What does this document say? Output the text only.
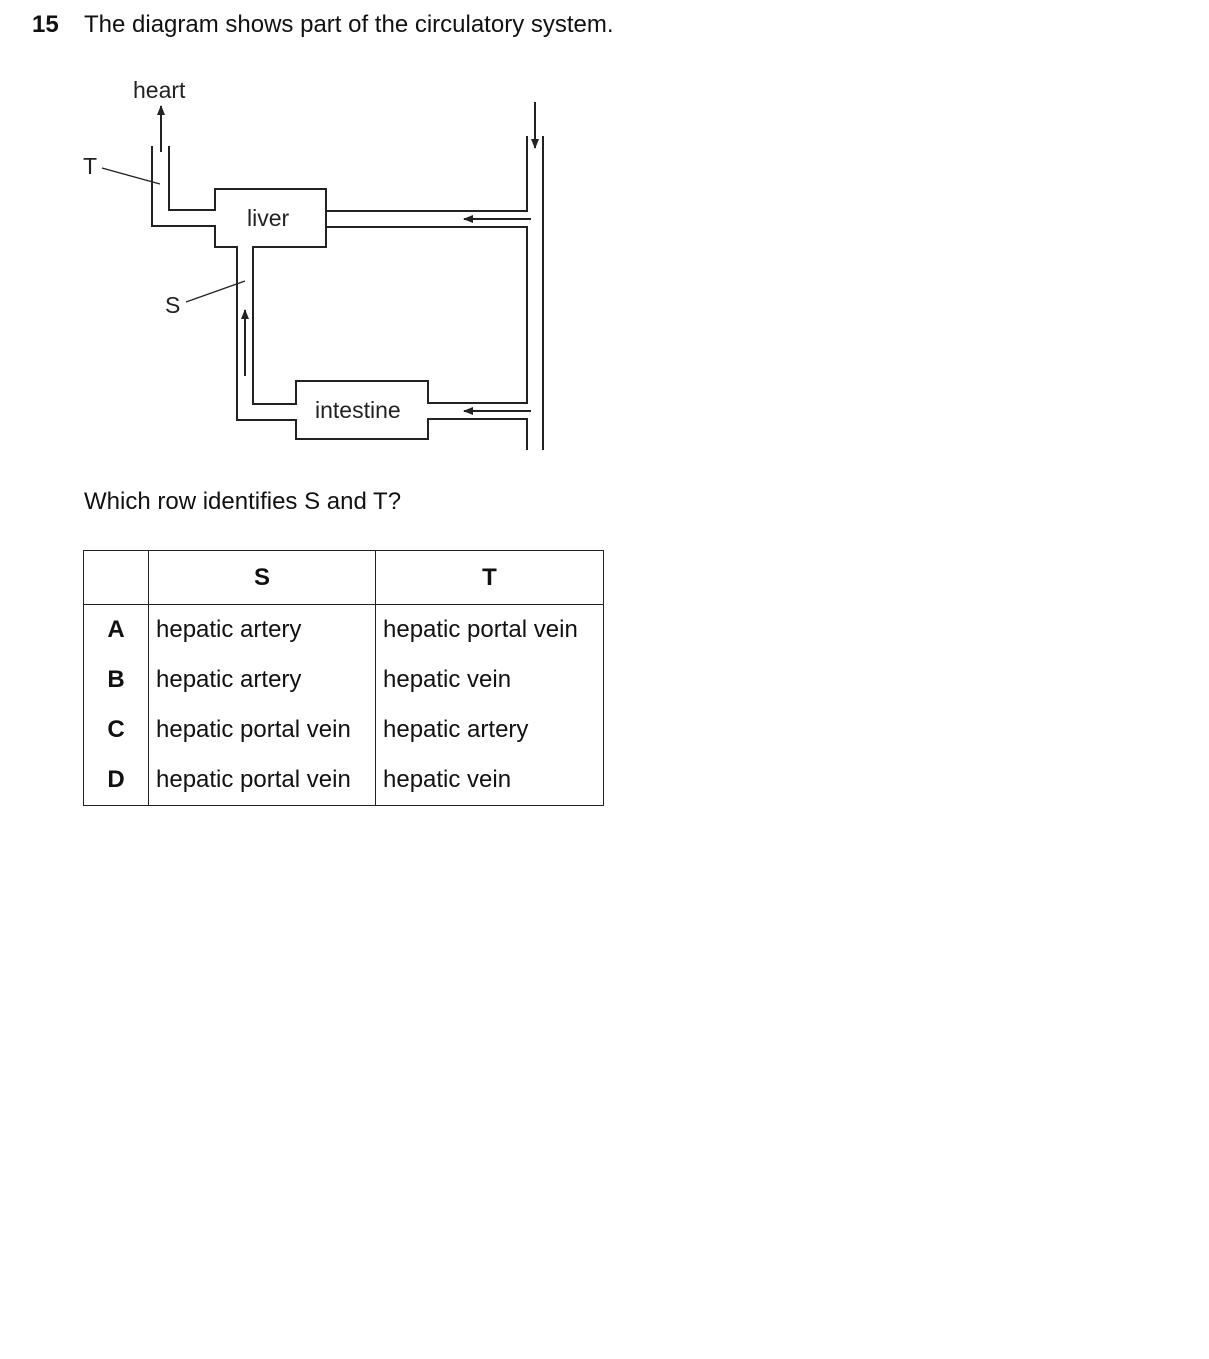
15 The diagram shows part of the circulatory system.
heart
liver
intestine
T
S
Which row identifies S and T?
	S	T
A	hepatic artery	hepatic portal vein
B	hepatic artery	hepatic vein
C	hepatic portal vein	hepatic artery
D	hepatic portal vein	hepatic vein
